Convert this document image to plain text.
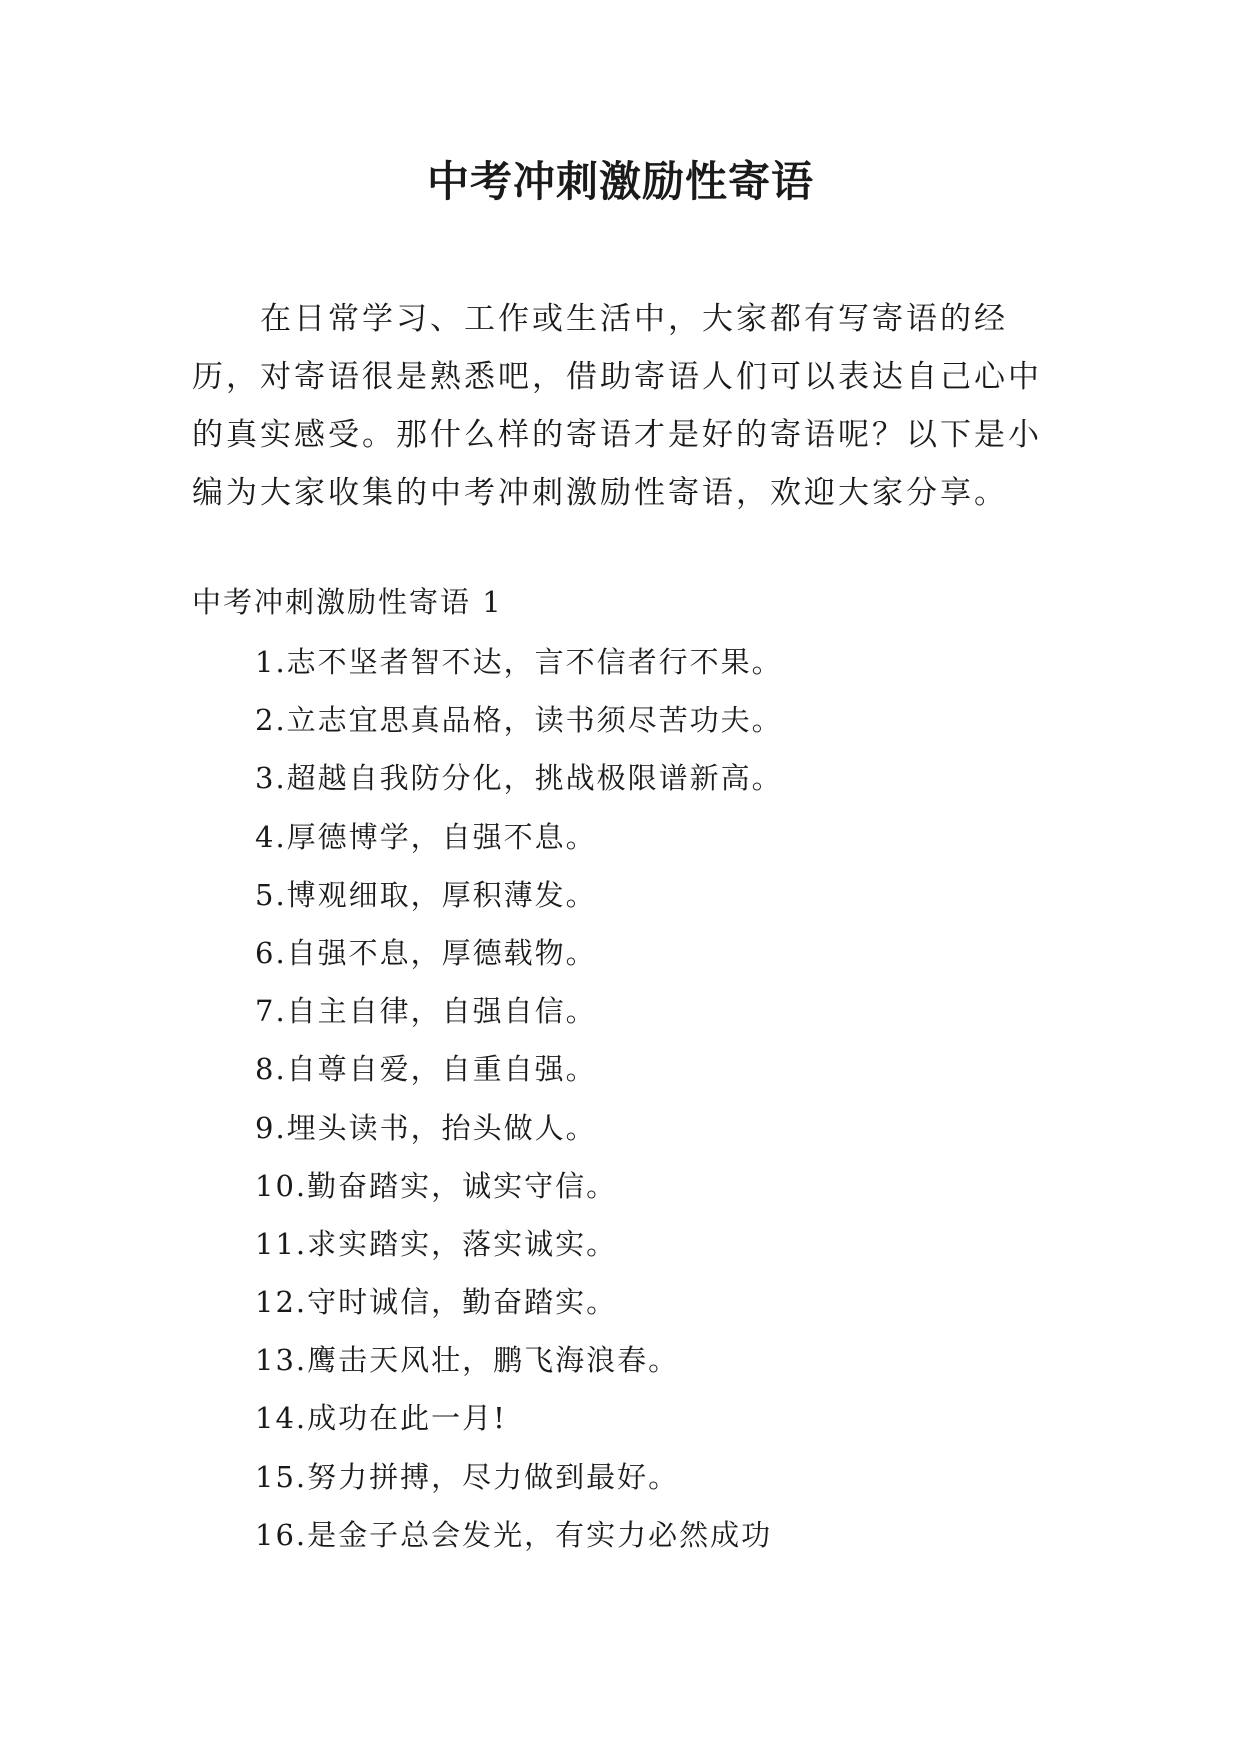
中考冲刺激励性寄语

在日常学习、工作或生活中，大家都有写寄语的经历，对寄语很是熟悉吧，借助寄语人们可以表达自己心中的真实感受。那什么样的寄语才是好的寄语呢？以下是小编为大家收集的中考冲刺激励性寄语，欢迎大家分享。

中考冲刺激励性寄语 1

1.志不坚者智不达，言不信者行不果。
2.立志宜思真品格，读书须尽苦功夫。
3.超越自我防分化，挑战极限谱新高。
4.厚德博学，自强不息。
5.博观细取，厚积薄发。
6.自强不息，厚德载物。
7.自主自律，自强自信。
8.自尊自爱，自重自强。
9.埋头读书，抬头做人。
10.勤奋踏实，诚实守信。
11.求实踏实，落实诚实。
12.守时诚信，勤奋踏实。
13.鹰击天风壮，鹏飞海浪春。
14.成功在此一月!
15.努力拼搏，尽力做到最好。
16.是金子总会发光，有实力必然成功
